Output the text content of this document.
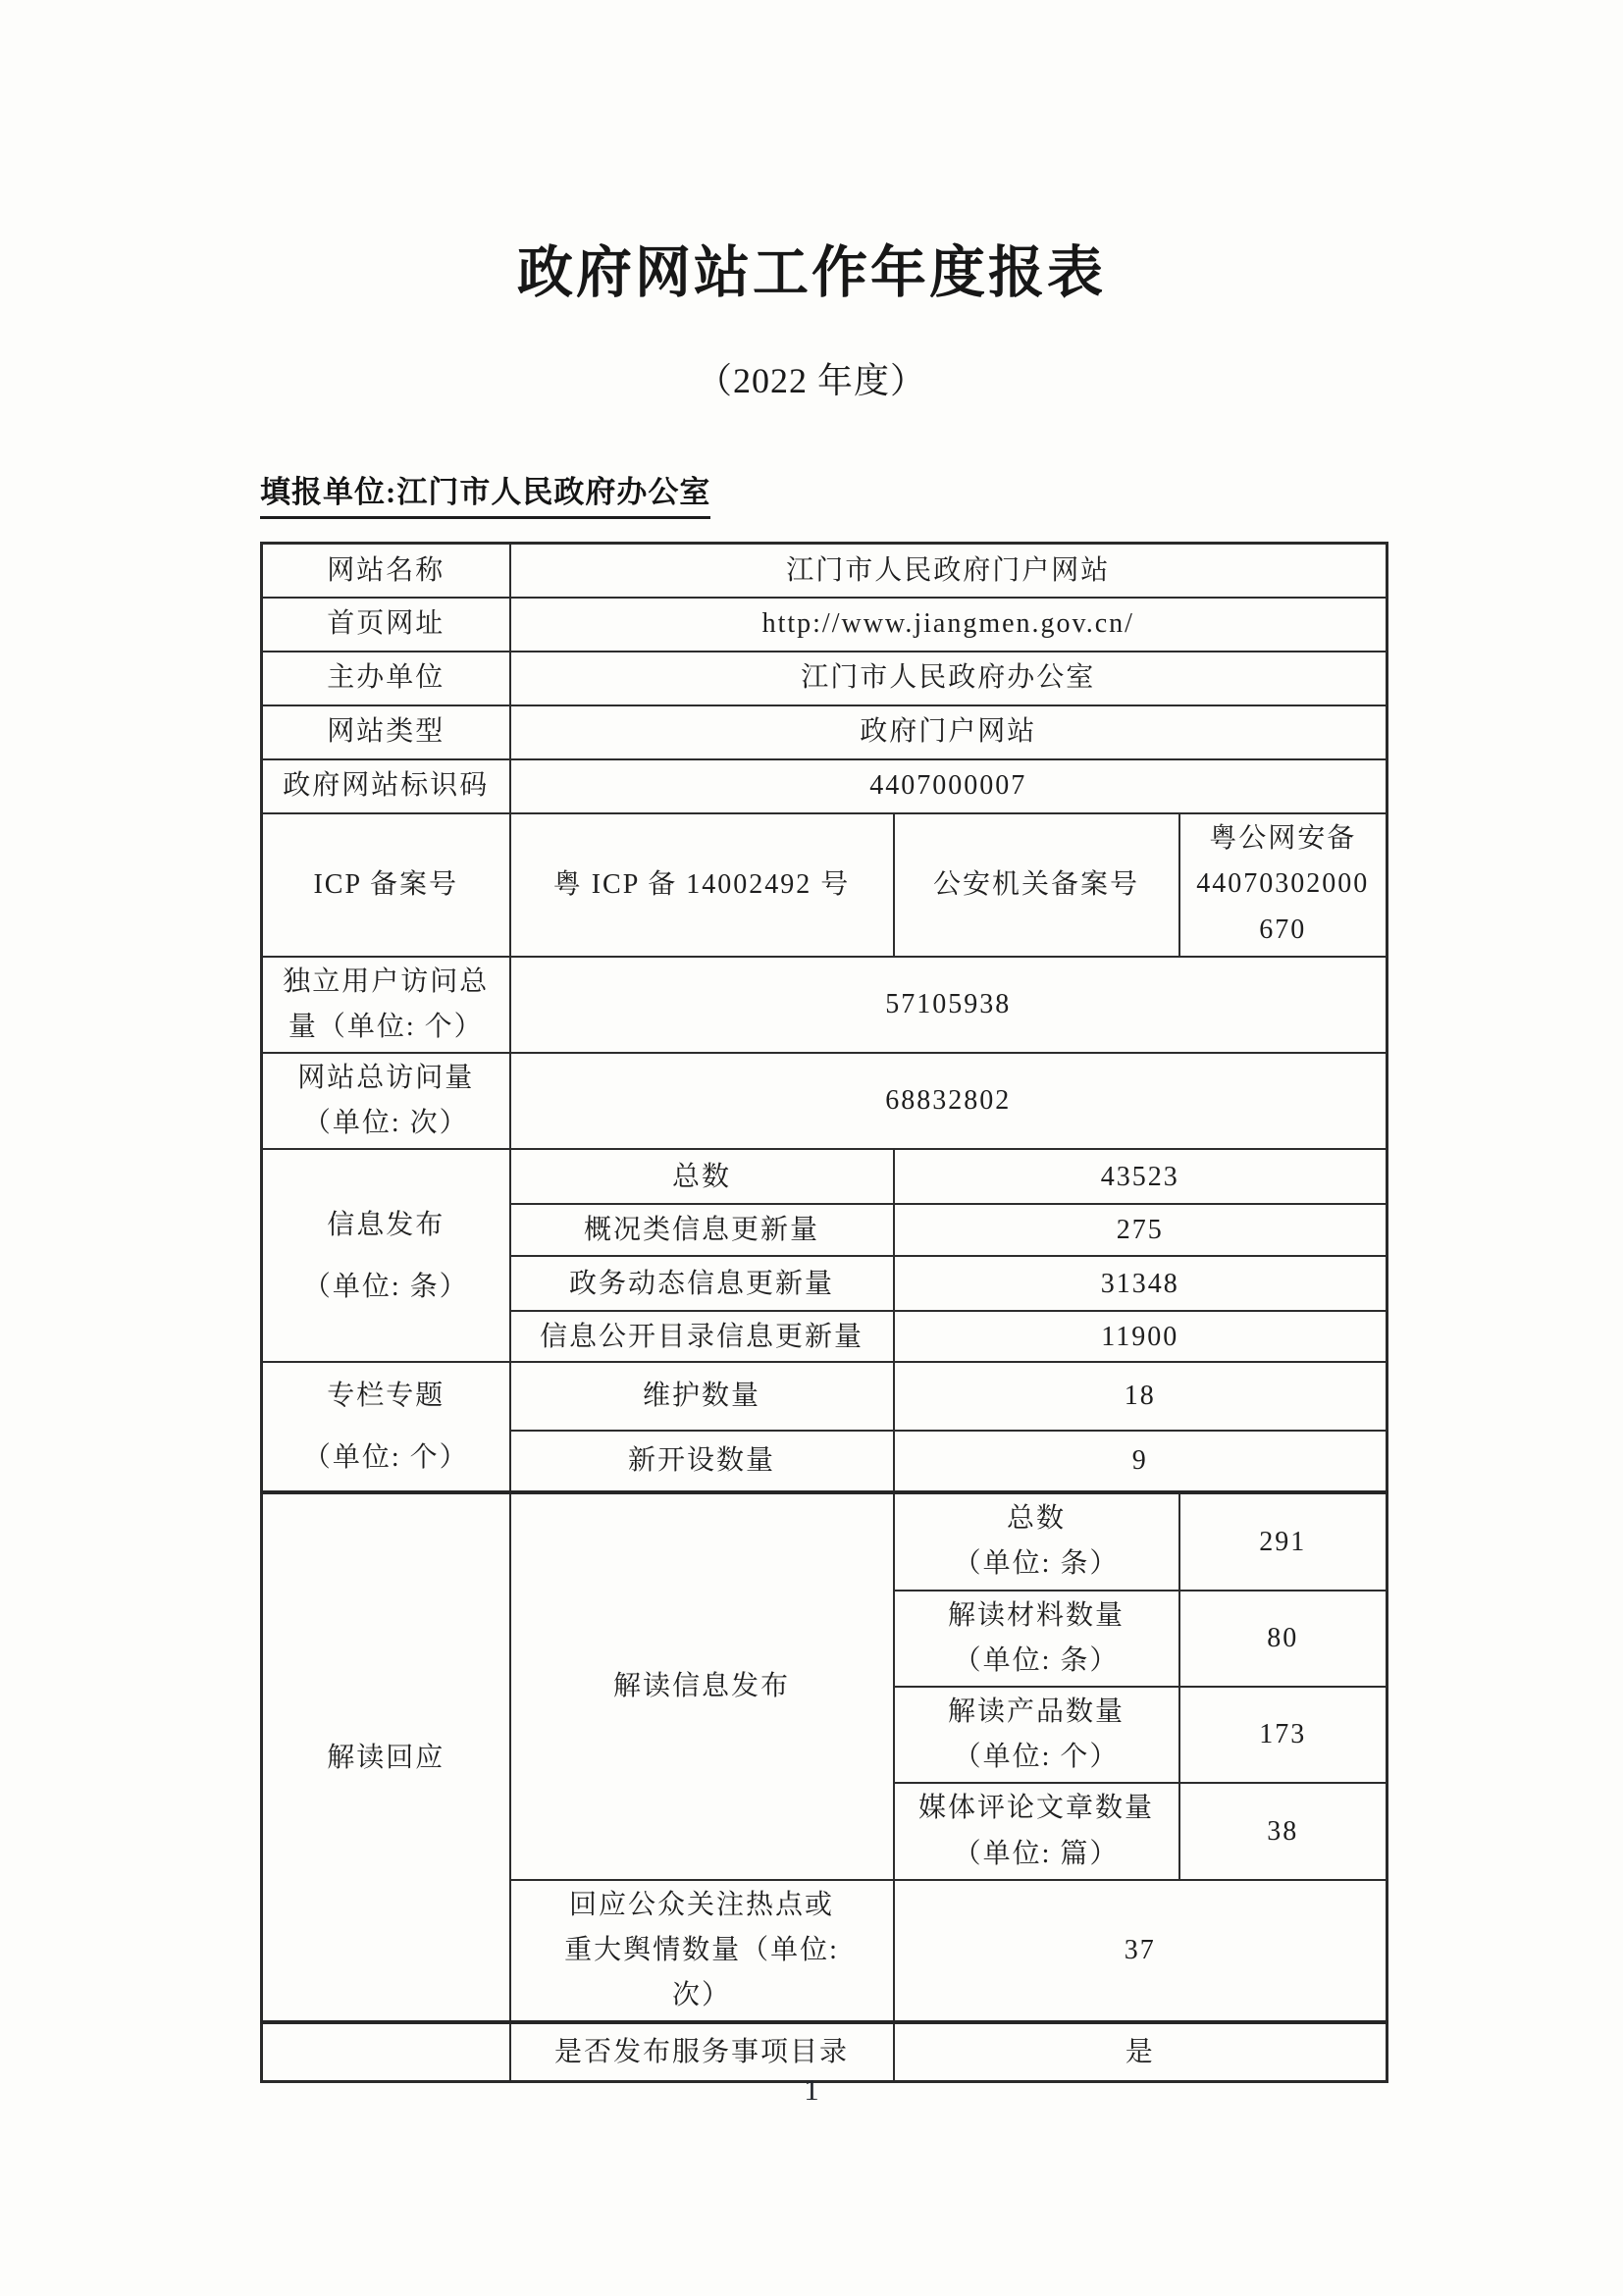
政府网站工作年度报表
（2022 年度）
填报单位:江门市人民政府办公室
网站名称	江门市人民政府门户网站		
首页网址	http://www.jiangmen.gov.cn/		
主办单位	江门市人民政府办公室		
网站类型	政府门户网站		
政府网站标识码	4407000007		
ICP 备案号	粤 ICP 备 14002492 号	公安机关备案号	粤公网安备
44070302000
670

独立用户访问总
量（单位: 个）	57105938		

网站总访问量
（单位: 次）	68832802		

信息发布
（单位: 条）	总数	43523	
	概况类信息更新量	275	
	政务动态信息更新量	31348	
	信息公开目录信息更新量	11900	

专栏专题
（单位: 个）	维护数量	18	
	新开设数量	9	
解读回应	解读信息发布	总数
（单位: 条）	291

		解读材料数量
（单位: 条）	80

		解读产品数量
（单位: 个）	173

		媒体评论文章数量
（单位: 篇）	38

	回应公众关注热点或
重大舆情数量（单位:
次）	37	
	是否发布服务事项目录	是	
1
